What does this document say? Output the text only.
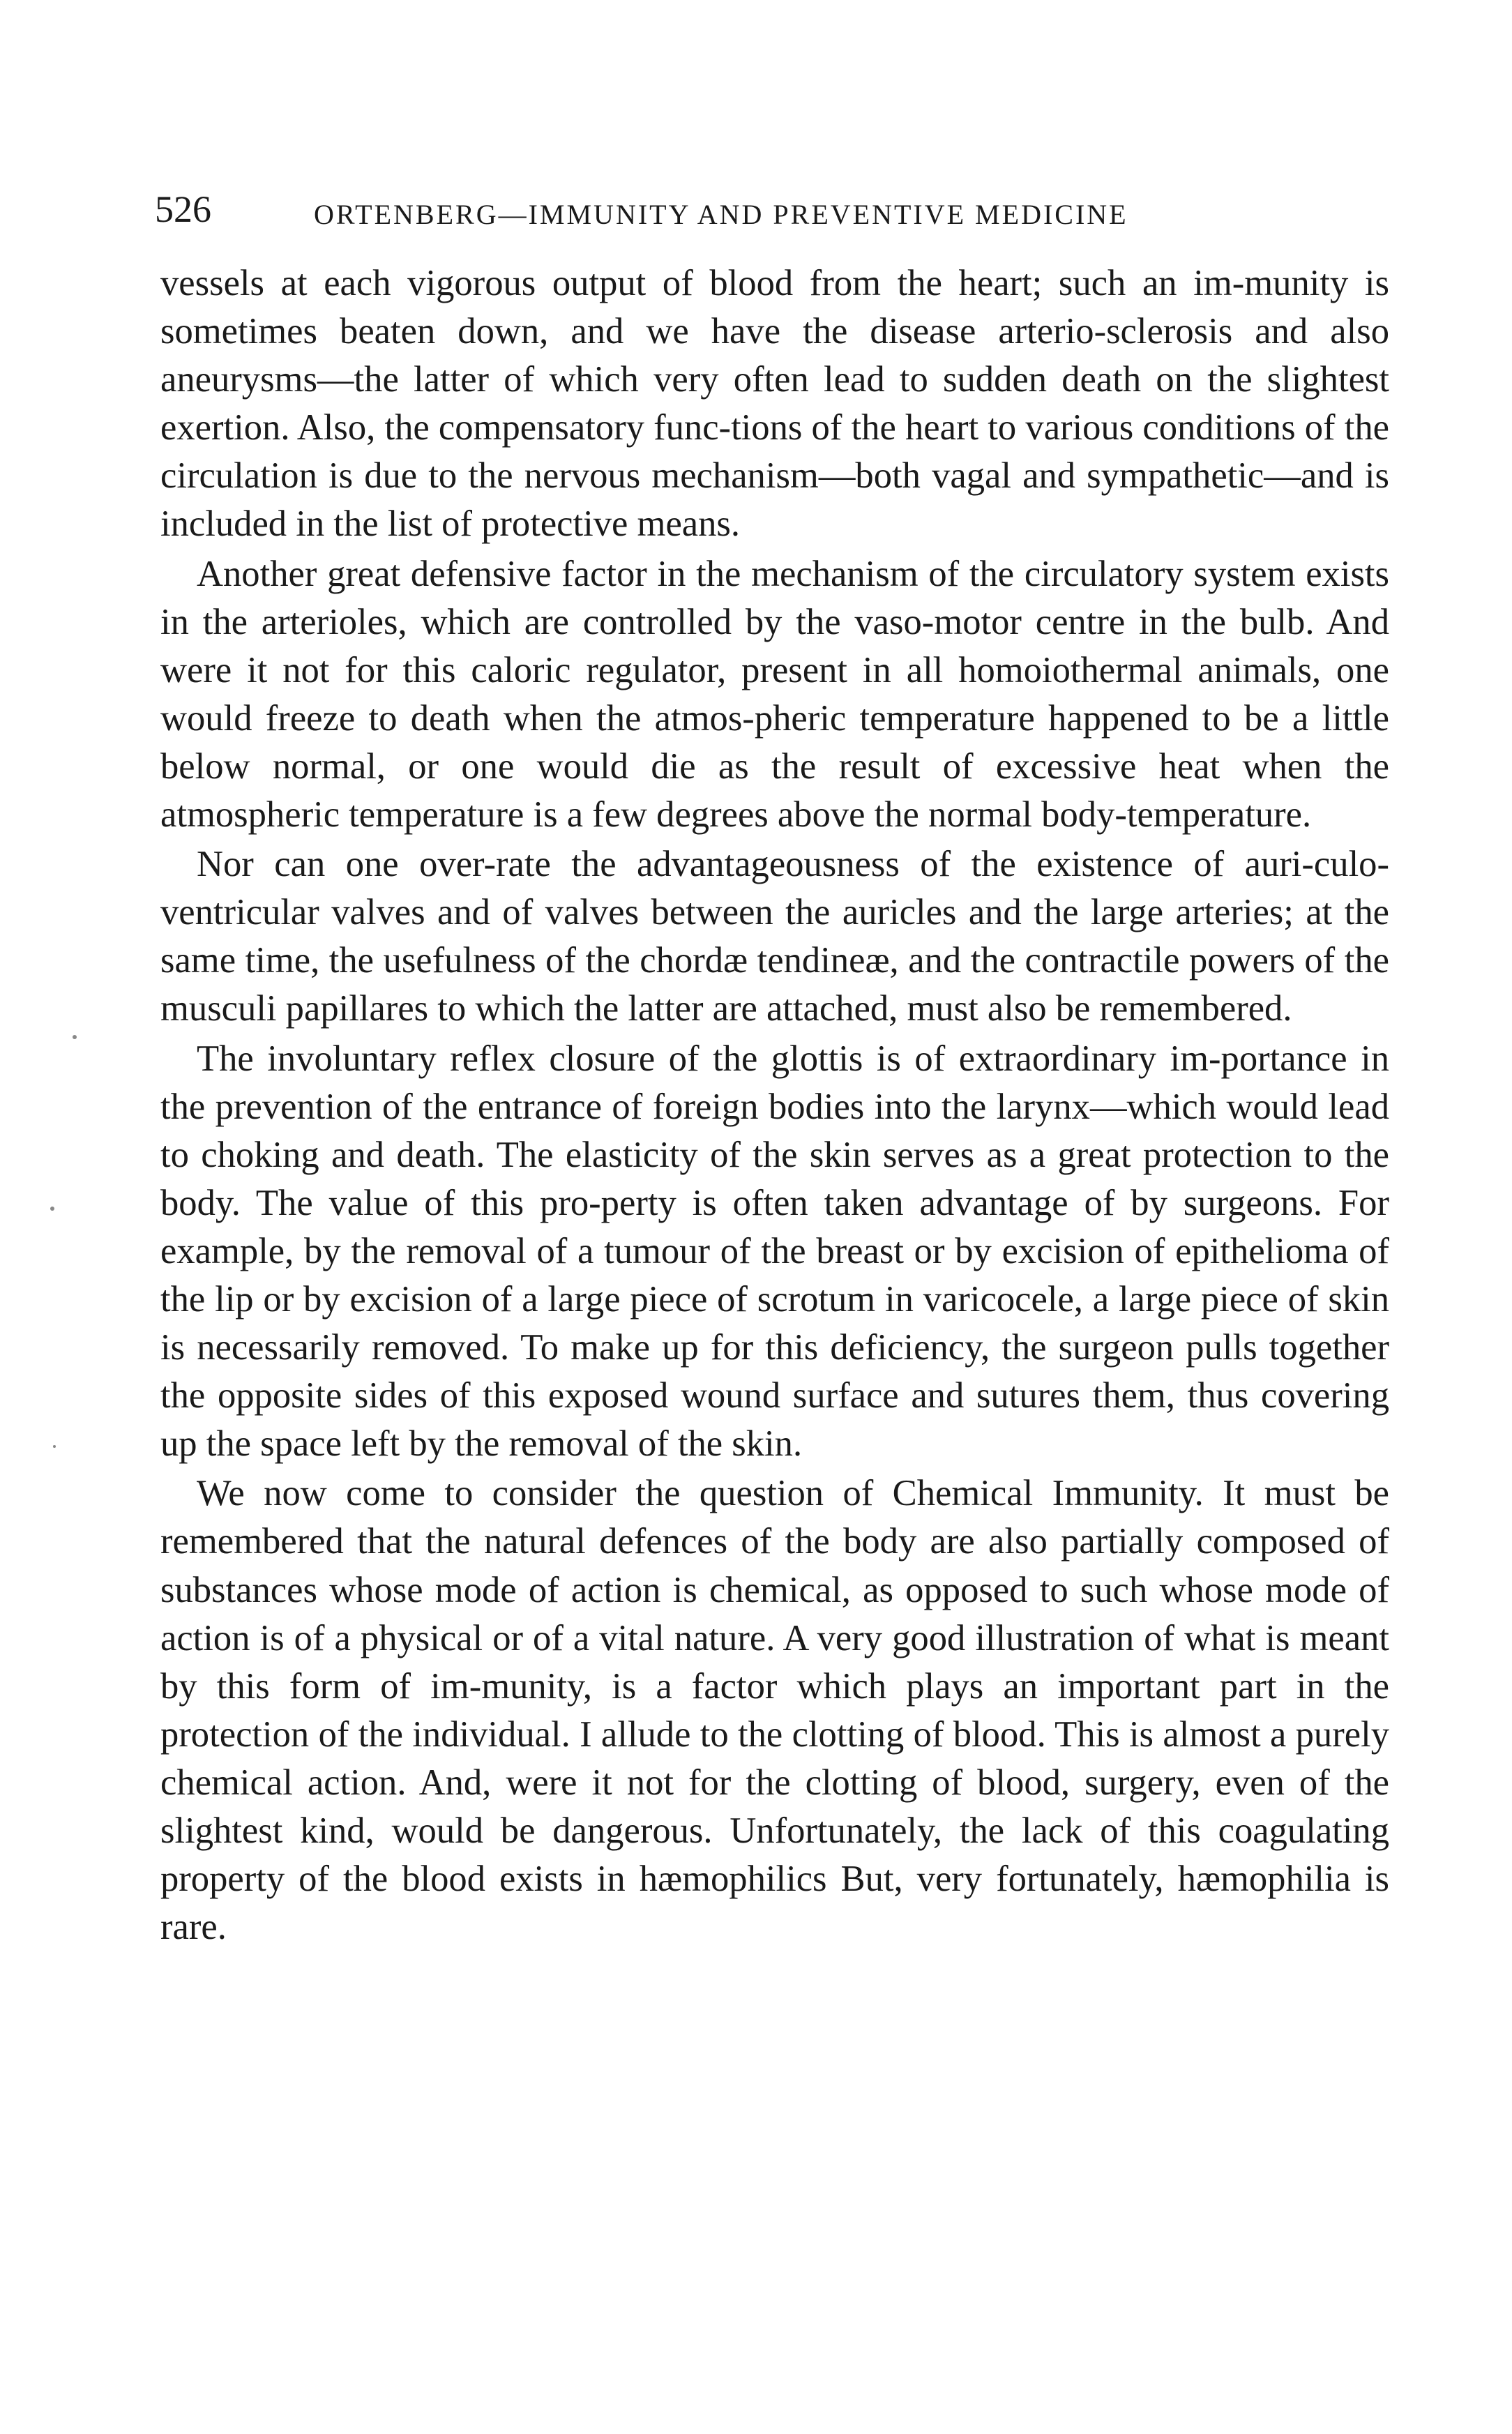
526	ORTENBERG—IMMUNITY AND PREVENTIVE MEDICINE

vessels at each vigorous output of blood from the heart; such an im-munity is sometimes beaten down, and we have the disease arterio-sclerosis and also aneurysms—the latter of which very often lead to sudden death on the slightest exertion. Also, the compensatory func-tions of the heart to various conditions of the circulation is due to the nervous mechanism—both vagal and sympathetic—and is included in the list of protective means.

Another great defensive factor in the mechanism of the circulatory system exists in the arterioles, which are controlled by the vaso-motor centre in the bulb. And were it not for this caloric regulator, present in all homoiothermal animals, one would freeze to death when the atmos-pheric temperature happened to be a little below normal, or one would die as the result of excessive heat when the atmospheric temperature is a few degrees above the normal body-temperature.

Nor can one over-rate the advantageousness of the existence of auri-culo-ventricular valves and of valves between the auricles and the large arteries; at the same time, the usefulness of the chordæ tendineæ, and the contractile powers of the musculi papillares to which the latter are attached, must also be remembered.

The involuntary reflex closure of the glottis is of extraordinary im-portance in the prevention of the entrance of foreign bodies into the larynx—which would lead to choking and death. The elasticity of the skin serves as a great protection to the body. The value of this pro-perty is often taken advantage of by surgeons. For example, by the removal of a tumour of the breast or by excision of epithelioma of the lip or by excision of a large piece of scrotum in varicocele, a large piece of skin is necessarily removed. To make up for this deficiency, the surgeon pulls together the opposite sides of this exposed wound surface and sutures them, thus covering up the space left by the removal of the skin.

We now come to consider the question of Chemical Immunity. It must be remembered that the natural defences of the body are also partially composed of substances whose mode of action is chemical, as opposed to such whose mode of action is of a physical or of a vital nature. A very good illustration of what is meant by this form of im-munity, is a factor which plays an important part in the protection of the individual. I allude to the clotting of blood. This is almost a purely chemical action. And, were it not for the clotting of blood, surgery, even of the slightest kind, would be dangerous. Unfortunately, the lack of this coagulating property of the blood exists in hæmophilics But, very fortunately, hæmophilia is rare.
